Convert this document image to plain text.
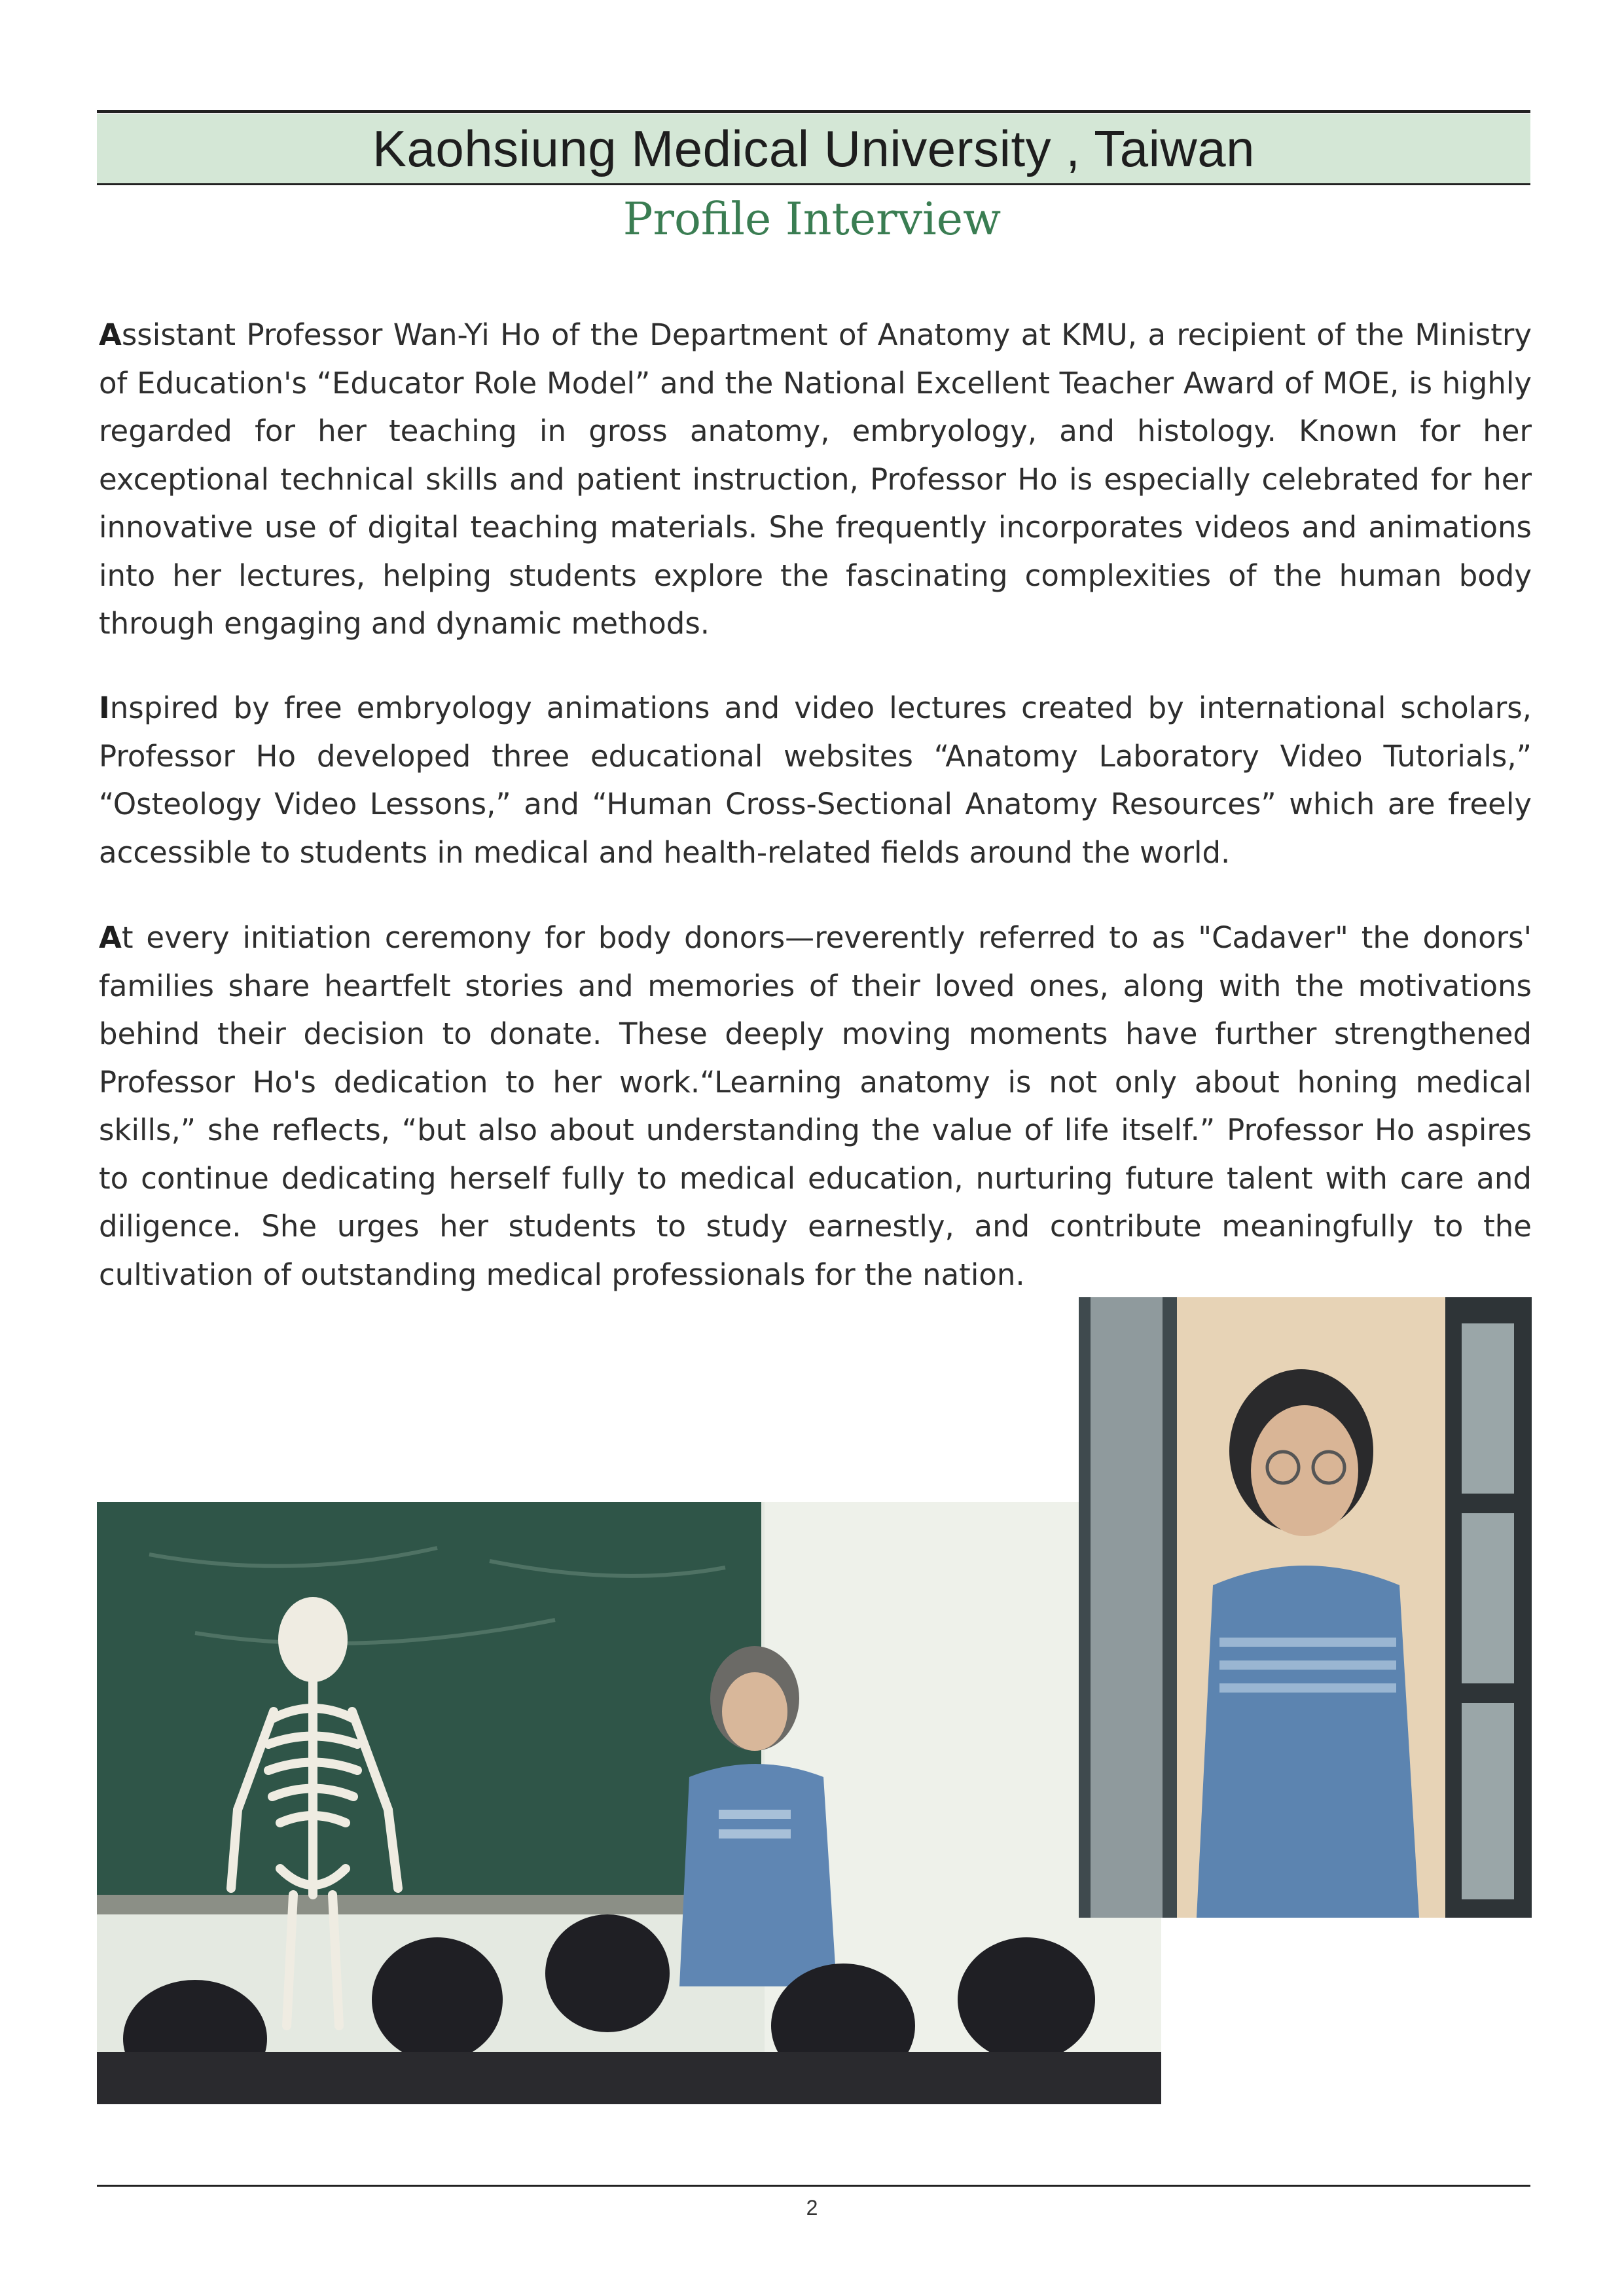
Kaohsiung Medical University , Taiwan
Profile Interview

Assistant Professor Wan-Yi Ho of the Department of Anatomy at KMU, a recipient of the Ministry of Education's “Educator Role Model” and the National Excellent Teacher Award of MOE, is highly regarded for her teaching in gross anatomy, embryology, and histology. Known for her exceptional technical skills and patient instruction, Professor Ho is especially celebrated for her innovative use of digital teaching materials. She frequently incorporates videos and animations into her lectures, helping students explore the fascinating complexities of the human body through engaging and dynamic methods.

Inspired by free embryology animations and video lectures created by international scholars, Professor Ho developed three educational websites “Anatomy Laboratory Video Tutorials,” “Osteology Video Lessons,” and “Human Cross-Sectional Anatomy Resources” which are freely accessible to students in medical and health-related fields around the world.

At every initiation ceremony for body donors—reverently referred to as "Cadaver" the donors' families share heartfelt stories and memories of their loved ones, along with the motivations behind their decision to donate. These deeply moving moments have further strengthened Professor Ho's dedication to her work.“Learning anatomy is not only about honing medical skills,” she reflects, “but also about understanding the value of life itself.” Professor Ho aspires to continue dedicating herself fully to medical education, nurturing future talent with care and diligence. She urges her students to study earnestly, and contribute meaningfully to the cultivation of outstanding medical professionals for the nation.

2
